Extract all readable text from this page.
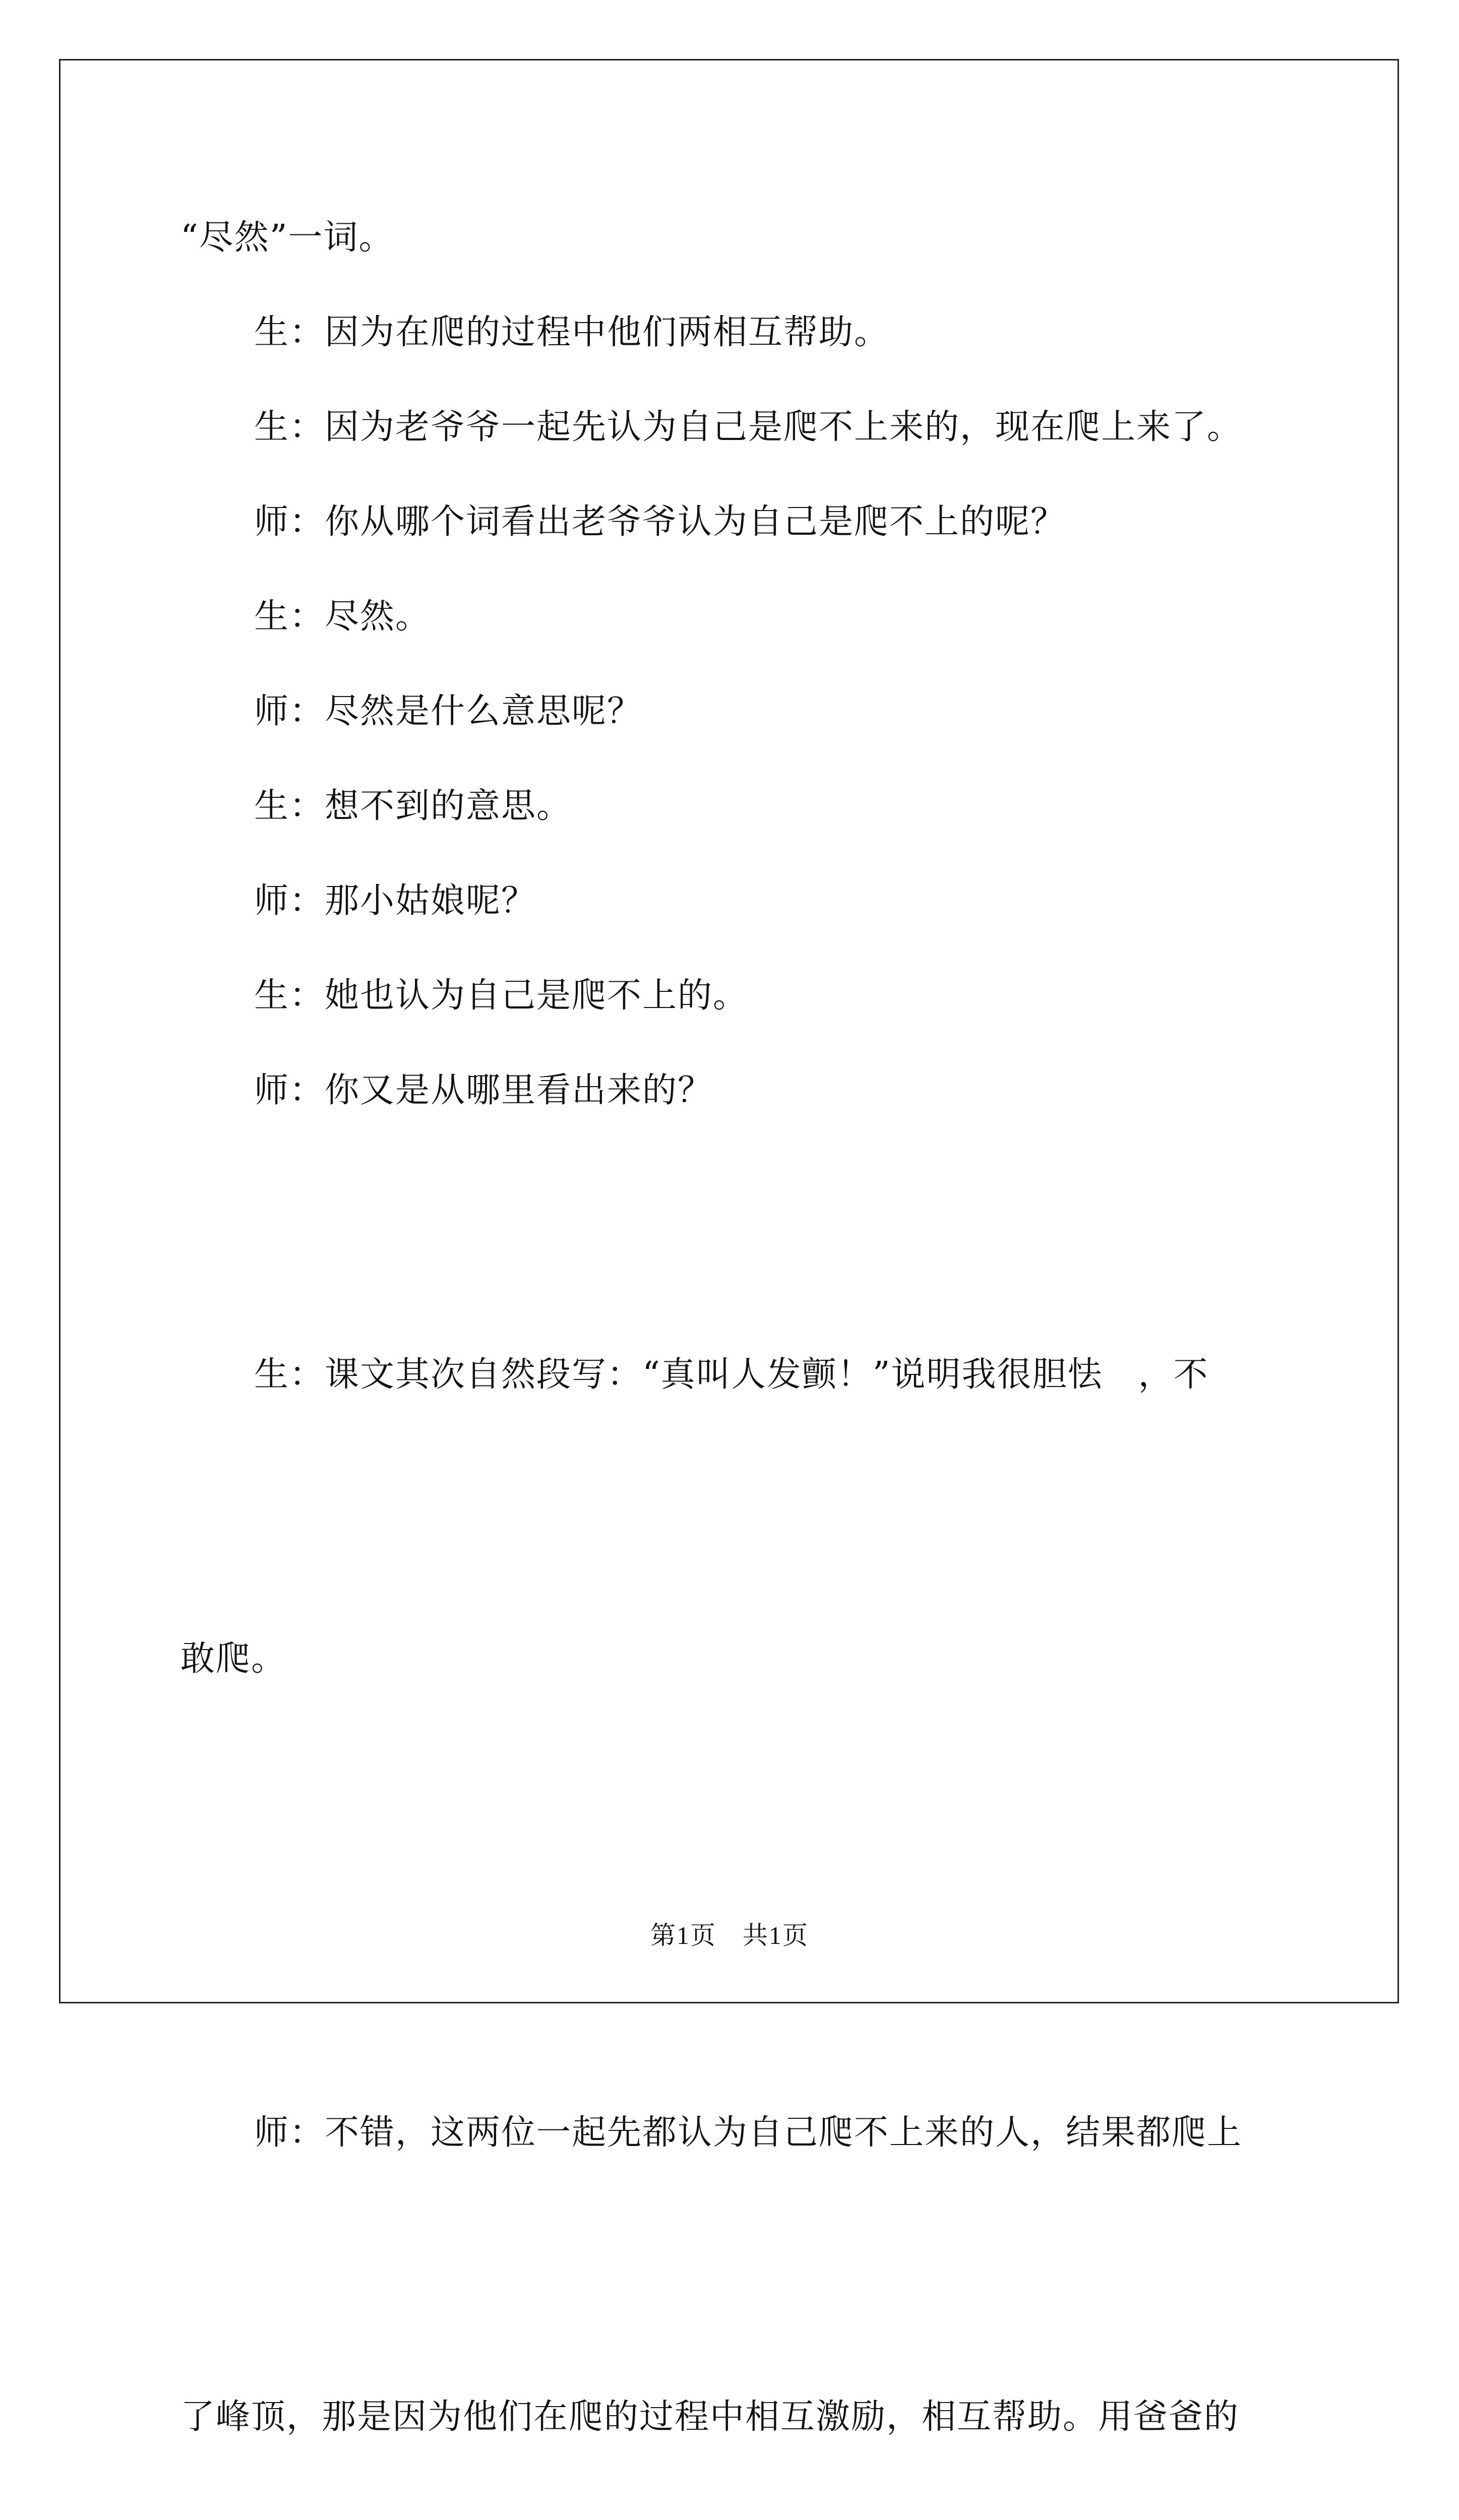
“尽然”一词。

生：因为在爬的过程中他们两相互帮助。

生：因为老爷爷一起先认为自己是爬不上来的，现在爬上来了。

师：你从哪个词看出老爷爷认为自己是爬不上的呢？

生：尽然。

师：尽然是什么意思呢？

生：想不到的意思。

师：那小姑娘呢？

生：她也认为自己是爬不上的。

师：你又是从哪里看出来的？

生：课文其次自然段写：“真叫人发颤！”说明我很胆怯　，不

敢爬。

师：不错，这两位一起先都认为自己爬不上来的人，结果都爬上

了峰顶，那是因为他们在爬的过程中相互激励，相互帮助。用爸爸的

第1页　共1页
